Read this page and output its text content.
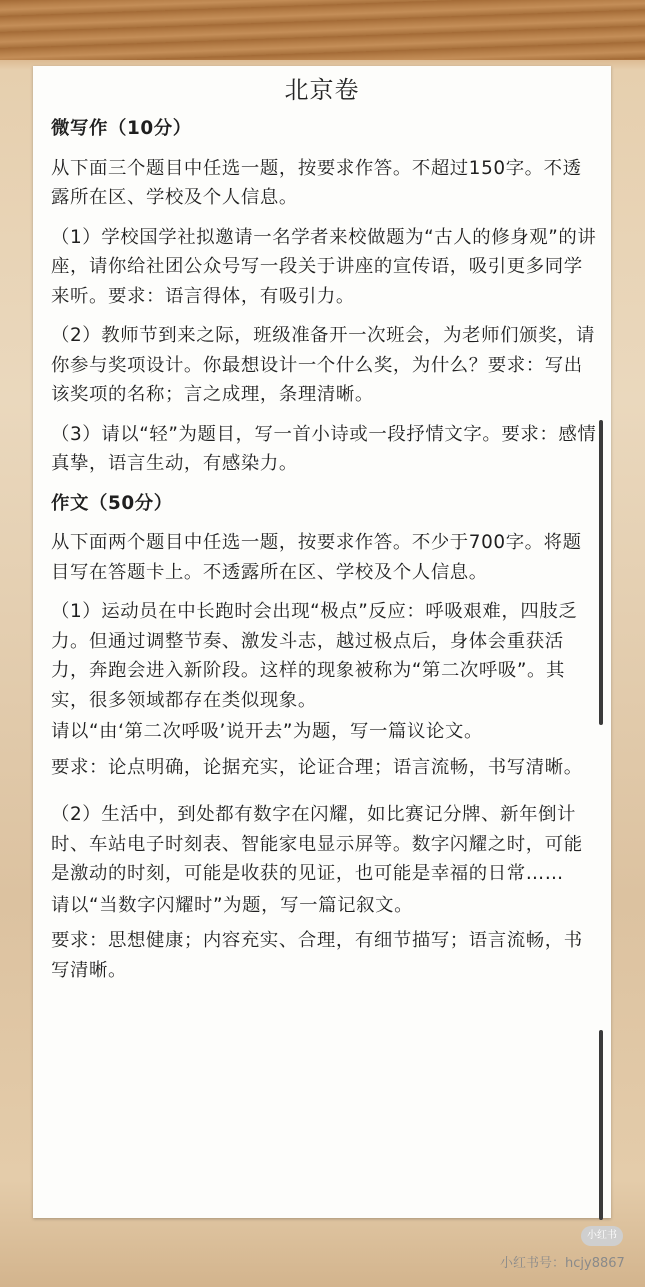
北京卷
微写作（10分）
从下面三个题目中任选一题，按要求作答。不超过150字。不透露所在区、学校及个人信息。
（1）学校国学社拟邀请一名学者来校做题为“古人的修身观”的讲座，请你给社团公众号写一段关于讲座的宣传语，吸引更多同学来听。要求：语言得体，有吸引力。
（2）教师节到来之际，班级准备开一次班会，为老师们颁奖，请你参与奖项设计。你最想设计一个什么奖，为什么？要求：写出该奖项的名称；言之成理，条理清晰。
（3）请以“轻”为题目，写一首小诗或一段抒情文字。要求：感情真挚，语言生动，有感染力。
作文（50分）
从下面两个题目中任选一题，按要求作答。不少于700字。将题目写在答题卡上。不透露所在区、学校及个人信息。
（1）运动员在中长跑时会出现“极点”反应：呼吸艰难，四肢乏力。但通过调整节奏、激发斗志，越过极点后，身体会重获活力，奔跑会进入新阶段。这样的现象被称为“第二次呼吸”。其实，很多领域都存在类似现象。
请以“由‘第二次呼吸’说开去”为题，写一篇议论文。
要求：论点明确，论据充实，论证合理；语言流畅，书写清晰。
（2）生活中，到处都有数字在闪耀，如比赛记分牌、新年倒计时、车站电子时刻表、智能家电显示屏等。数字闪耀之时，可能是激动的时刻，可能是收获的见证，也可能是幸福的日常……
请以“当数字闪耀时”为题，写一篇记叙文。
要求：思想健康；内容充实、合理，有细节描写；语言流畅，书写清晰。
小红书
小红书号：hcjy8867
